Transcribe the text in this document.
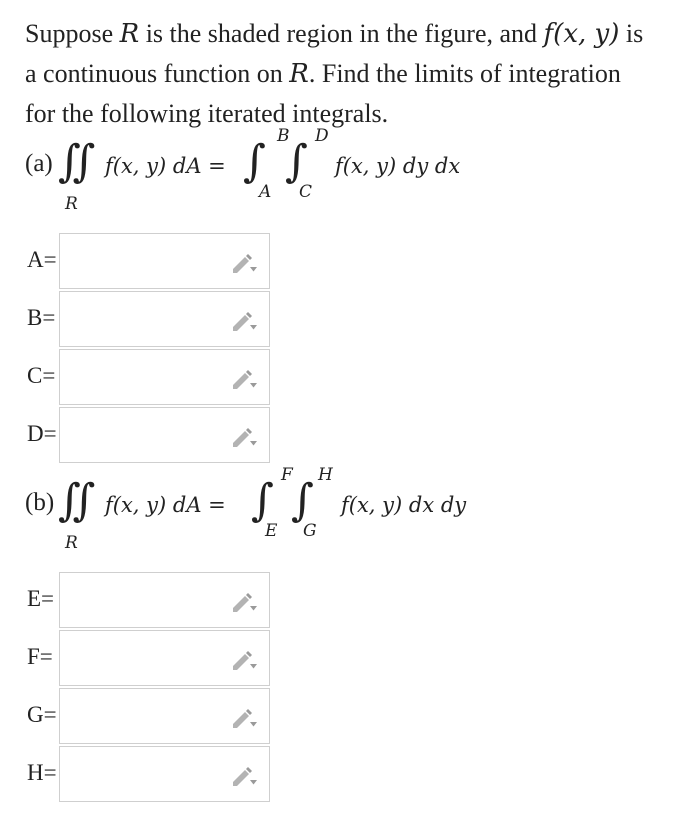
Suppose R is the shaded region in the figure, and f(x, y) is a continuous function on R. Find the limits of integration for the following iterated integrals.

(a) ∬
R
f(x, y) dA = ∫ B
A
∫ D
C
f(x, y) dy dx
A=
B=
C=
D=
(b) ∬
R
f(x, y) dA = ∫ F
E
∫ H
G
f(x, y) dx dy
E=
F=
G=
H=
